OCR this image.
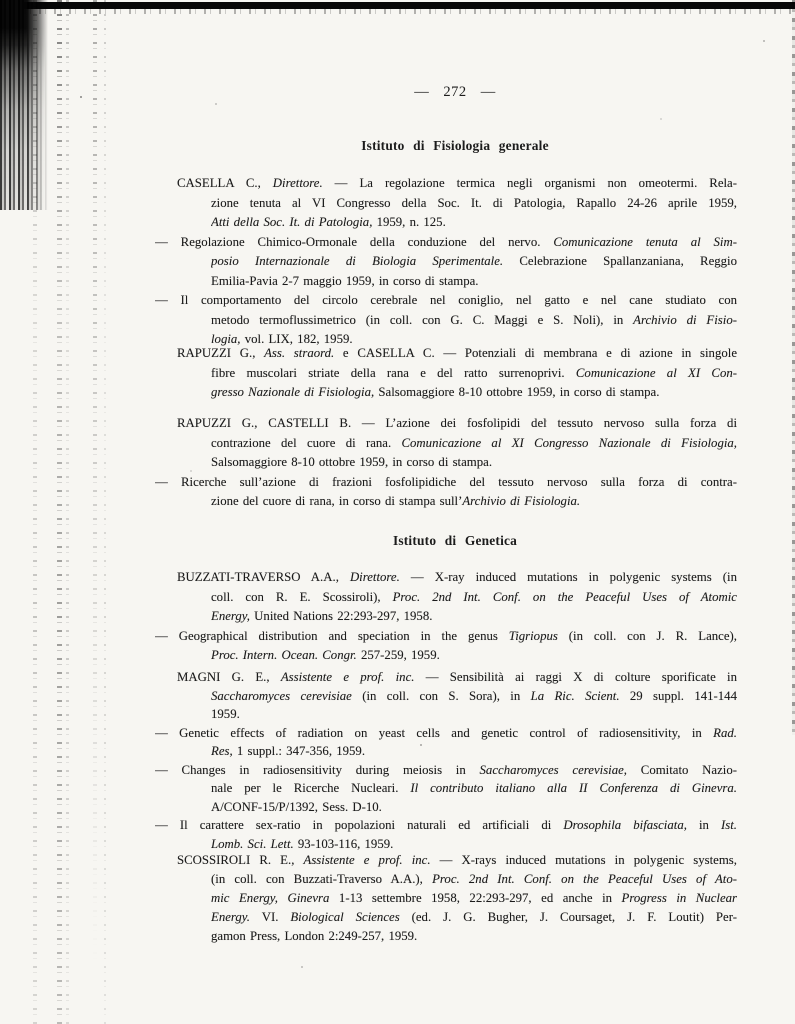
— 272 —
Istituto di Fisiologia generale
CASELLA C., Direttore. — La regolazione termica negli organismi non omeotermi. Rela-
zione tenuta al VI Congresso della Soc. It. di Patologia, Rapallo 24-26 aprile 1959,
Atti della Soc. It. di Patologia, 1959, n. 125.
— Regolazione Chimico-Ormonale della conduzione del nervo. Comunicazione tenuta al Sim-
posio Internazionale di Biologia Sperimentale. Celebrazione Spallanzaniana, Reggio
Emilia-Pavia 2-7 maggio 1959, in corso di stampa.
— Il comportamento del circolo cerebrale nel coniglio, nel gatto e nel cane studiato con
metodo termoflussimetrico (in coll. con G. C. Maggi e S. Noli), in Archivio di Fisio-
logia, vol. LIX, 182, 1959.
RAPUZZI G., Ass. straord. e CASELLA C. — Potenziali di membrana e di azione in singole
fibre muscolari striate della rana e del ratto surrenoprivi. Comunicazione al XI Con-
gresso Nazionale di Fisiologia, Salsomaggiore 8-10 ottobre 1959, in corso di stampa.
RAPUZZI G., CASTELLI B. — L’azione dei fosfolipidi del tessuto nervoso sulla forza di
contrazione del cuore di rana. Comunicazione al XI Congresso Nazionale di Fisiologia,
Salsomaggiore 8-10 ottobre 1959, in corso di stampa.
— Ricerche sull’azione di frazioni fosfolipidiche del tessuto nervoso sulla forza di contra-
zione del cuore di rana, in corso di stampa sull’Archivio di Fisiologia.
Istituto di Genetica
BUZZATI-TRAVERSO A.A., Direttore. — X-ray induced mutations in polygenic systems (in
coll. con R. E. Scossiroli), Proc. 2nd Int. Conf. on the Peaceful Uses of Atomic
Energy, United Nations 22:293-297, 1958.
— Geographical distribution and speciation in the genus Tigriopus (in coll. con J. R. Lance),
Proc. Intern. Ocean. Congr. 257-259, 1959.
MAGNI G. E., Assistente e prof. inc. — Sensibilità ai raggi X di colture sporificate in
Saccharomyces cerevisiae (in coll. con S. Sora), in La Ric. Scient. 29 suppl. 141-144
1959.
— Genetic effects of radiation on yeast cells and genetic control of radiosensitivity, in Rad.
Res, 1 suppl.: 347-356, 1959.
— Changes in radiosensitivity during meiosis in Saccharomyces cerevisiae, Comitato Nazio-
nale per le Ricerche Nucleari. Il contributo italiano alla II Conferenza di Ginevra.
A/CONF-15/P/1392, Sess. D-10.
— Il carattere sex-ratio in popolazioni naturali ed artificiali di Drosophila bifasciata, in Ist.
Lomb. Sci. Lett. 93-103-116, 1959.
SCOSSIROLI R. E., Assistente e prof. inc. — X-rays induced mutations in polygenic systems,
(in coll. con Buzzati-Traverso A.A.), Proc. 2nd Int. Conf. on the Peaceful Uses of Ato-
mic Energy, Ginevra 1-13 settembre 1958, 22:293-297, ed anche in Progress in Nuclear
Energy. VI. Biological Sciences (ed. J. G. Bugher, J. Coursaget, J. F. Loutit) Per-
gamon Press, London 2:249-257, 1959.
